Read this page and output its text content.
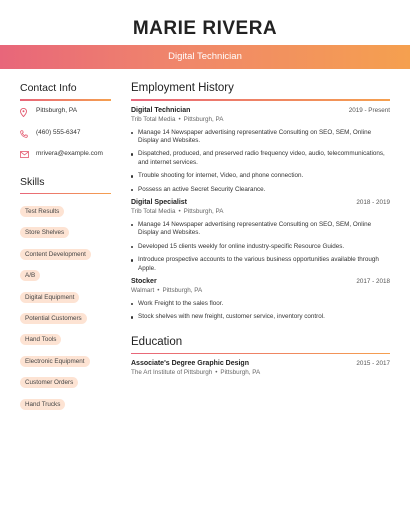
MARIE RIVERA
Digital Technician
Contact Info
Pittsburgh, PA
(460) 555-6347
mrivera@example.com
Skills
Test Results
Store Shelves
Content Development
A/B
Digital Equipment
Potential Customers
Hand Tools
Electronic Equipment
Customer Orders
Hand Trucks
Employment History
Digital Technician	2019 - Present
Trib Total Media • Pittsburgh, PA
Manage 14 Newspaper advertising representative Consulting on SEO, SEM, Online Display and Websites.
Dispatched, produced, and preserved radio frequency video, audio, telecommunications, and internet services.
Trouble shooting for internet, Video, and phone connection.
Possess an active Secret Security Clearance.
Digital Specialist	2018 - 2019
Trib Total Media • Pittsburgh, PA
Manage 14 Newspaper advertising representative Consulting on SEO, SEM, Online Display and Websites.
Developed 15 clients weekly for online industry-specific Resource Guides.
Introduce prospective accounts to the various business opportunities available through Apple.
Stocker	2017 - 2018
Walmart • Pittsburgh, PA
Work Freight to the sales floor.
Stock shelves with new freight, customer service, inventory control.
Education
Associate's Degree Graphic Design	2015 - 2017
The Art Institute of Pittsburgh • Pittsburgh, PA
